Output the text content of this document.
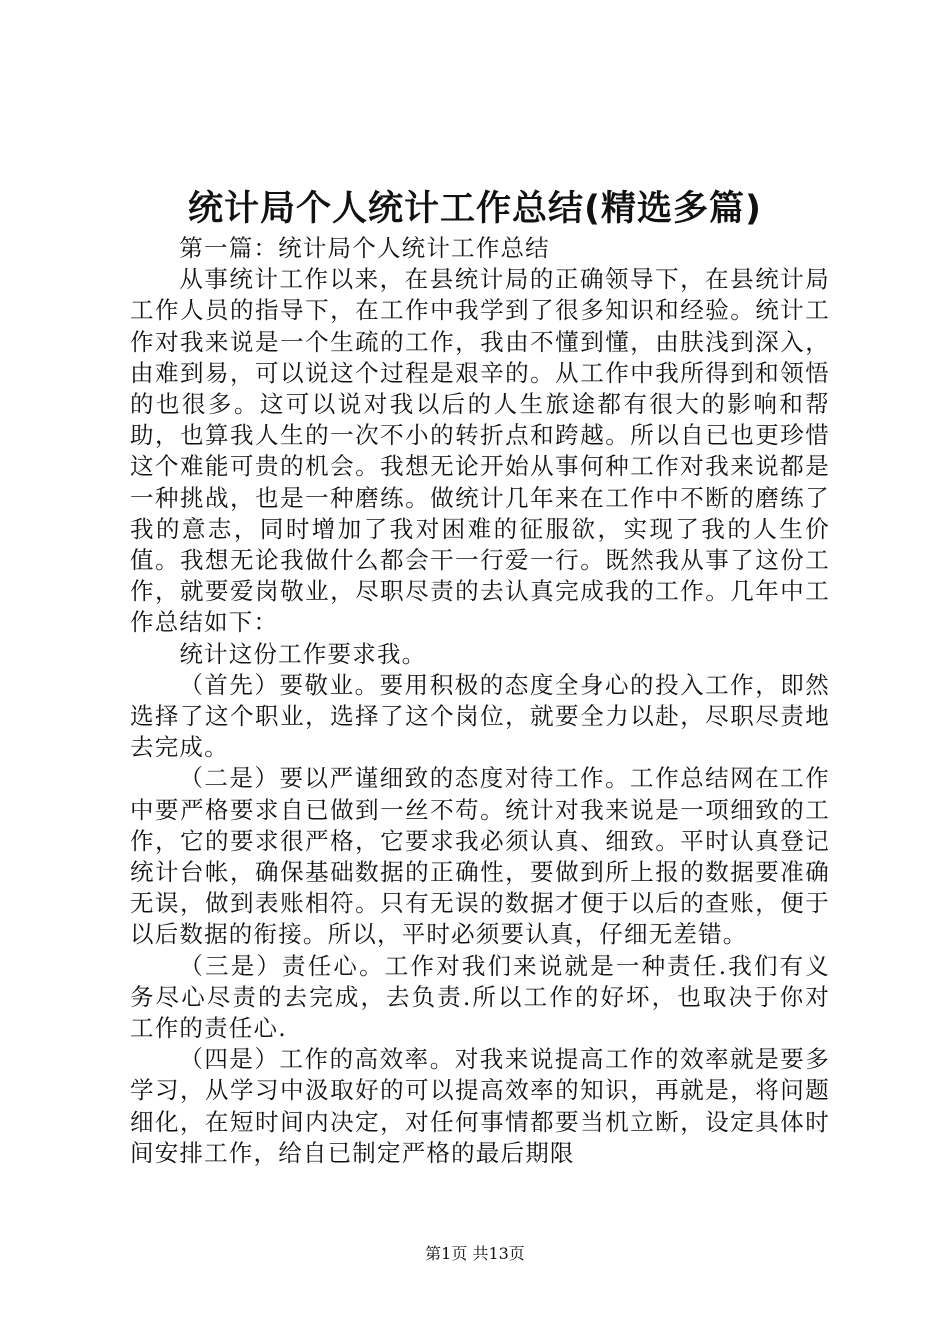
统计局个人统计工作总结(精选多篇)

第一篇：统计局个人统计工作总结

从事统计工作以来，在县统计局的正确领导下，在县统计局工作人员的指导下，在工作中我学到了很多知识和经验。统计工作对我来说是一个生疏的工作，我由不懂到懂，由肤浅到深入，由难到易，可以说这个过程是艰辛的。从工作中我所得到和领悟的也很多。这可以说对我以后的人生旅途都有很大的影响和帮助，也算我人生的一次不小的转折点和跨越。所以自已也更珍惜这个难能可贵的机会。我想无论开始从事何种工作对我来说都是一种挑战，也是一种磨练。做统计几年来在工作中不断的磨练了我的意志，同时增加了我对困难的征服欲，实现了我的人生价值。我想无论我做什么都会干一行爱一行。既然我从事了这份工作，就要爱岗敬业，尽职尽责的去认真完成我的工作。几年中工作总结如下：

统计这份工作要求我。

（首先）要敬业。要用积极的态度全身心的投入工作，即然选择了这个职业，选择了这个岗位，就要全力以赴，尽职尽责地去完成。

（二是）要以严谨细致的态度对待工作。工作总结网在工作中要严格要求自已做到一丝不苟。统计对我来说是一项细致的工作，它的要求很严格，它要求我必须认真、细致。平时认真登记统计台帐，确保基础数据的正确性，要做到所上报的数据要准确无误，做到表账相符。只有无误的数据才便于以后的查账，便于以后数据的衔接。所以，平时必须要认真，仔细无差错。

（三是）责任心。工作对我们来说就是一种责任.我们有义务尽心尽责的去完成，去负责.所以工作的好坏，也取决于你对工作的责任心.

（四是）工作的高效率。对我来说提高工作的效率就是要多学习，从学习中汲取好的可以提高效率的知识，再就是，将问题细化，在短时间内决定，对任何事情都要当机立断，设定具体时间安排工作，给自已制定严格的最后期限

第1页 共13页
